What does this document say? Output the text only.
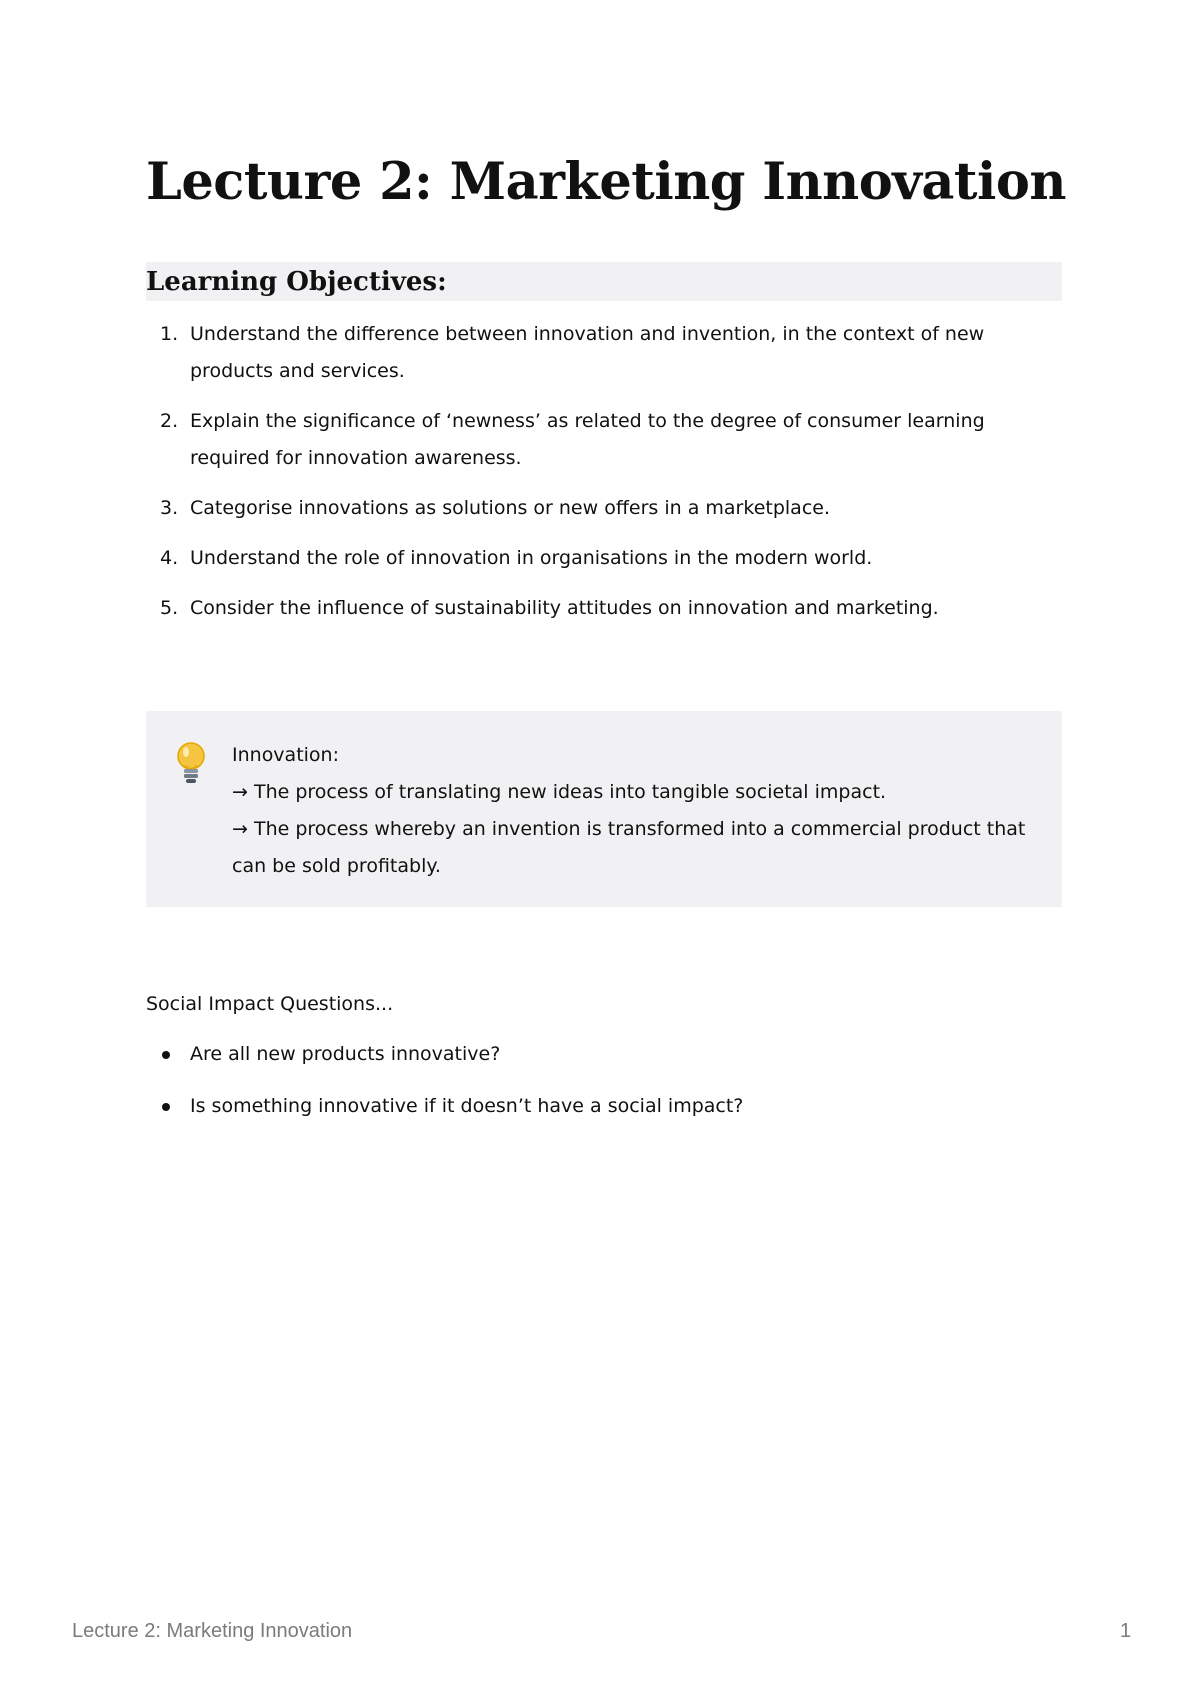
Lecture 2: Marketing Innovation
Learning Objectives:
1. Understand the difference between innovation and invention, in the context of new products and services.
2. Explain the significance of ‘newness’ as related to the degree of consumer learning required for innovation awareness.
3. Categorise innovations as solutions or new offers in a marketplace.
4. Understand the role of innovation in organisations in the modern world.
5. Consider the influence of sustainability attitudes on innovation and marketing.
Innovation:
→ The process of translating new ideas into tangible societal impact.
→ The process whereby an invention is transformed into a commercial product that can be sold profitably.

Social Impact Questions...

Are all new products innovative?
Is something innovative if it doesn’t have a social impact?
Lecture 2: Marketing Innovation	1
